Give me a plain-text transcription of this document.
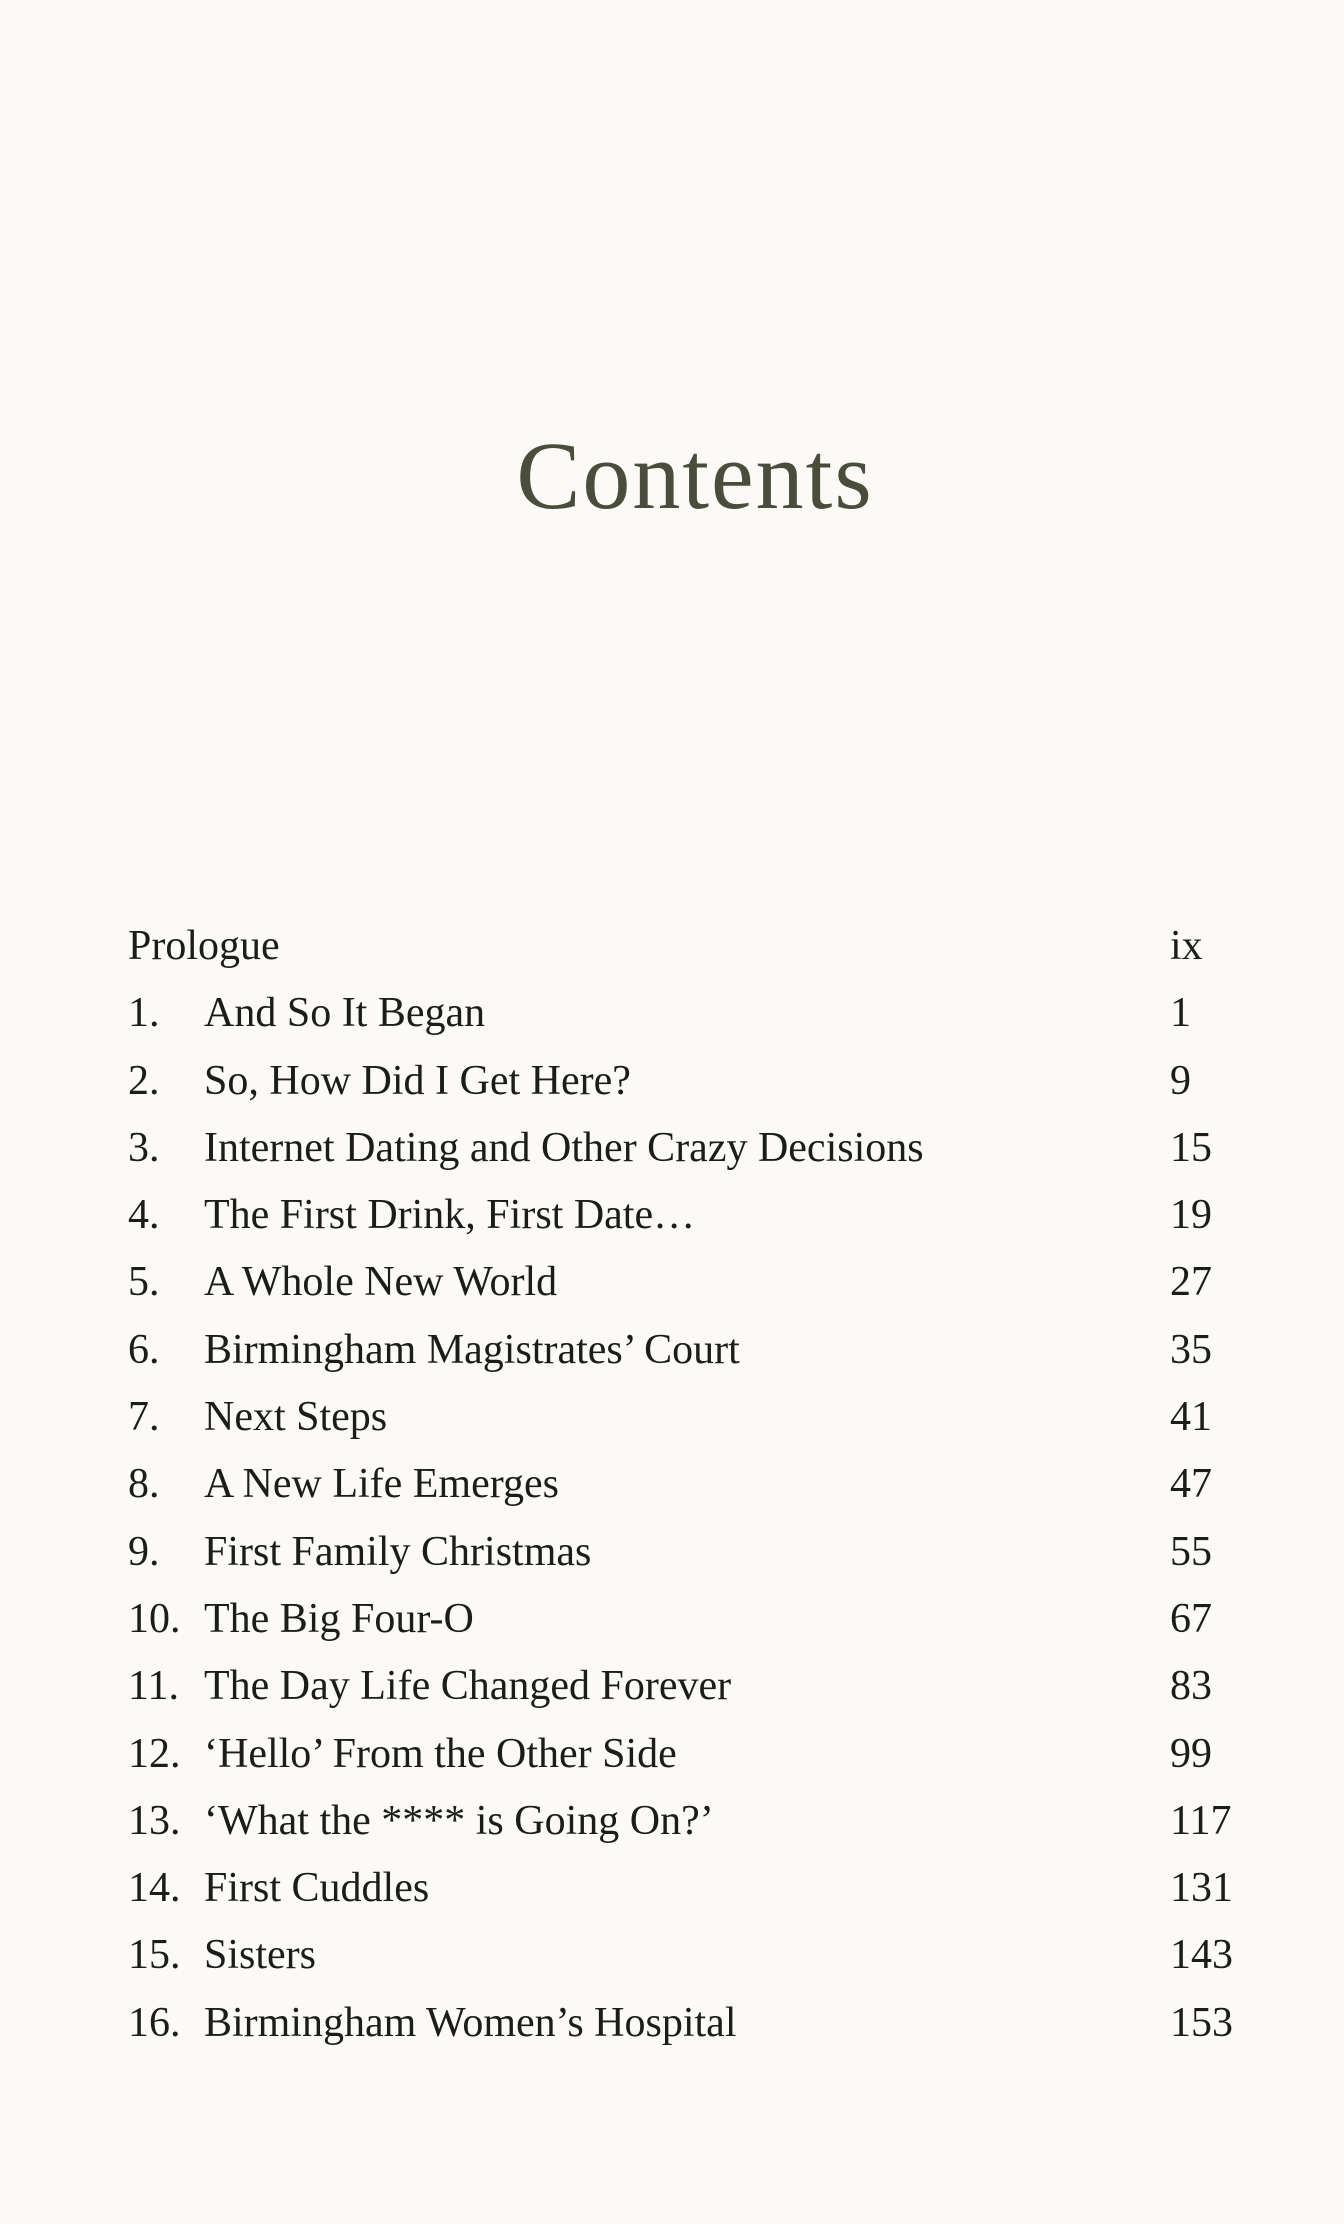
Contents
Prologue	ix
1. And So It Began	1
2. So, How Did I Get Here?	9
3. Internet Dating and Other Crazy Decisions	15
4. The First Drink, First Date…	19
5. A Whole New World	27
6. Birmingham Magistrates’ Court	35
7. Next Steps	41
8. A New Life Emerges	47
9. First Family Christmas	55
10. The Big Four-O	67
11. The Day Life Changed Forever	83
12. ‘Hello’ From the Other Side	99
13. ‘What the **** is Going On?’	117
14. First Cuddles	131
15. Sisters	143
16. Birmingham Women’s Hospital	153
